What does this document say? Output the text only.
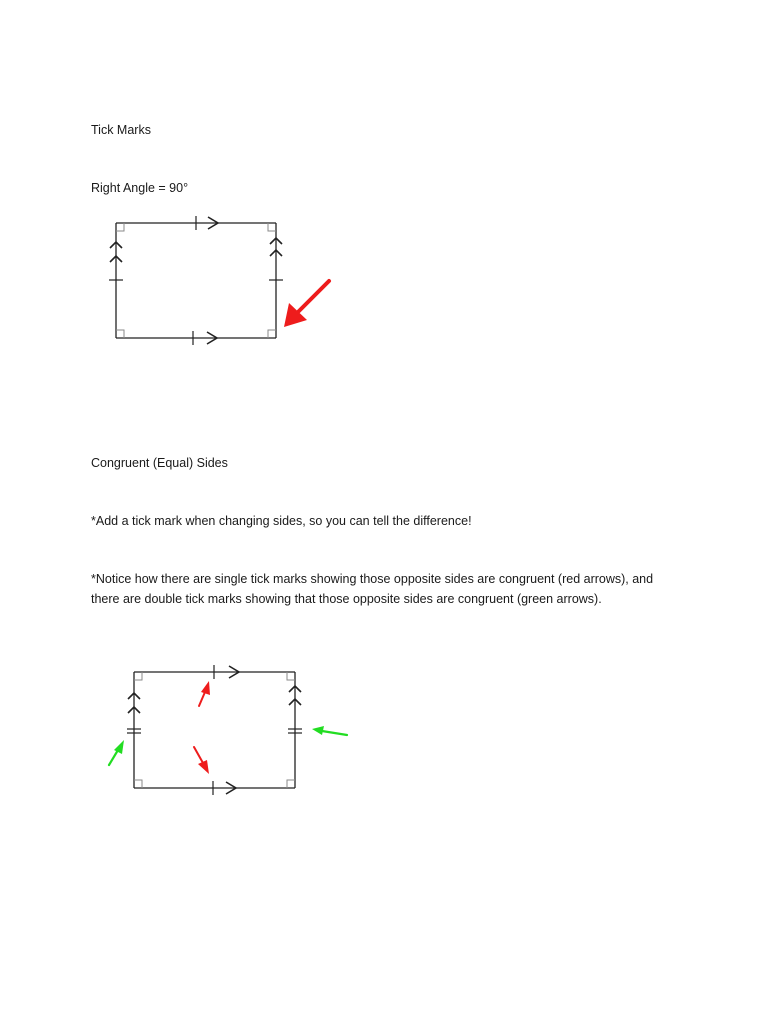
Tick Marks
Right Angle = 90°
Congruent (Equal) Sides
*Add a tick mark when changing sides, so you can tell the difference!
*Notice how there are single tick marks showing those opposite sides are congruent (red arrows), and
there are double tick marks showing that those opposite sides are congruent (green arrows).
